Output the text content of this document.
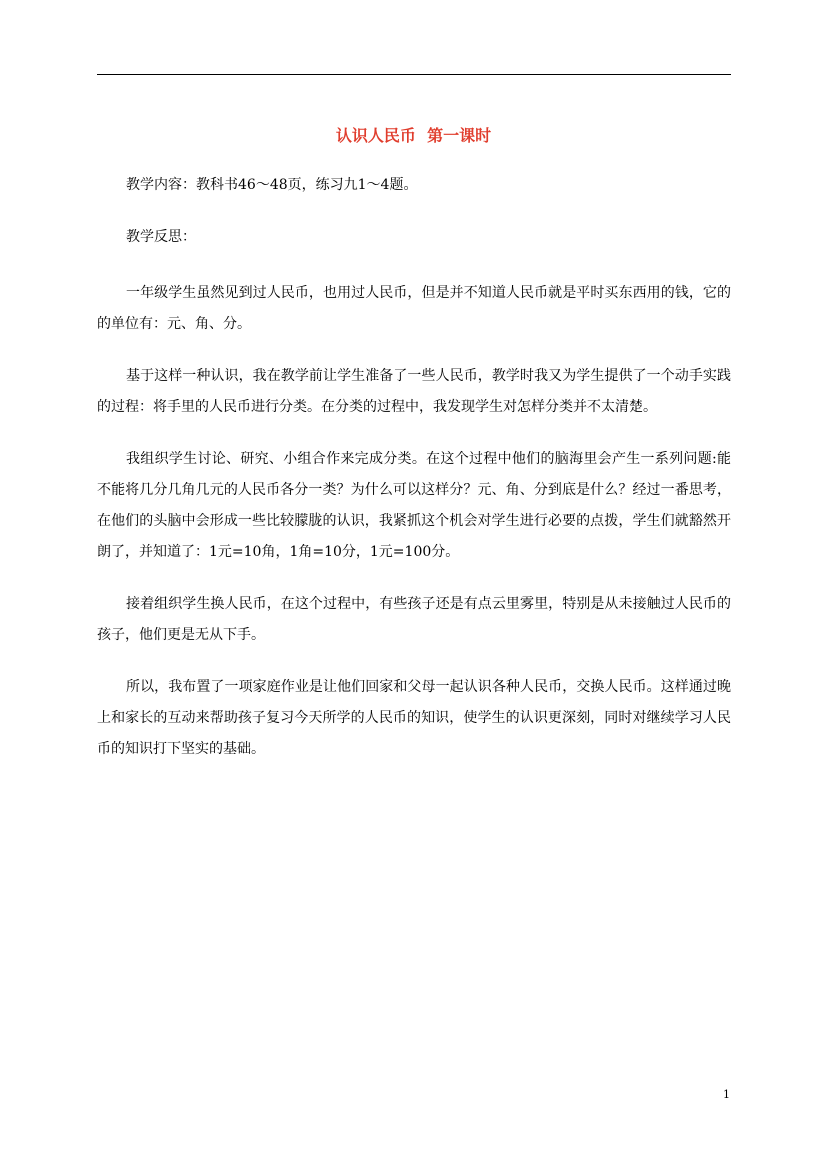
认识人民币  第一课时

教学内容：教科书46～48页，练习九1～4题。

教学反思：

一年级学生虽然见到过人民币，也用过人民币，但是并不知道人民币就是平时买东西用的钱，它的的单位有：元、角、分。

基于这样一种认识，我在教学前让学生准备了一些人民币，教学时我又为学生提供了一个动手实践的过程：将手里的人民币进行分类。在分类的过程中，我发现学生对怎样分类并不太清楚。

我组织学生讨论、研究、小组合作来完成分类。在这个过程中他们的脑海里会产生一系列问题:能不能将几分几角几元的人民币各分一类？为什么可以这样分？元、角、分到底是什么？经过一番思考，在他们的头脑中会形成一些比较朦胧的认识，我紧抓这个机会对学生进行必要的点拨，学生们就豁然开朗了，并知道了：1元=10角，1角=10分，1元=100分。

接着组织学生换人民币，在这个过程中，有些孩子还是有点云里雾里，特别是从未接触过人民币的孩子，他们更是无从下手。

所以，我布置了一项家庭作业是让他们回家和父母一起认识各种人民币，交换人民币。这样通过晚上和家长的互动来帮助孩子复习今天所学的人民币的知识，使学生的认识更深刻，同时对继续学习人民币的知识打下坚实的基础。

1
